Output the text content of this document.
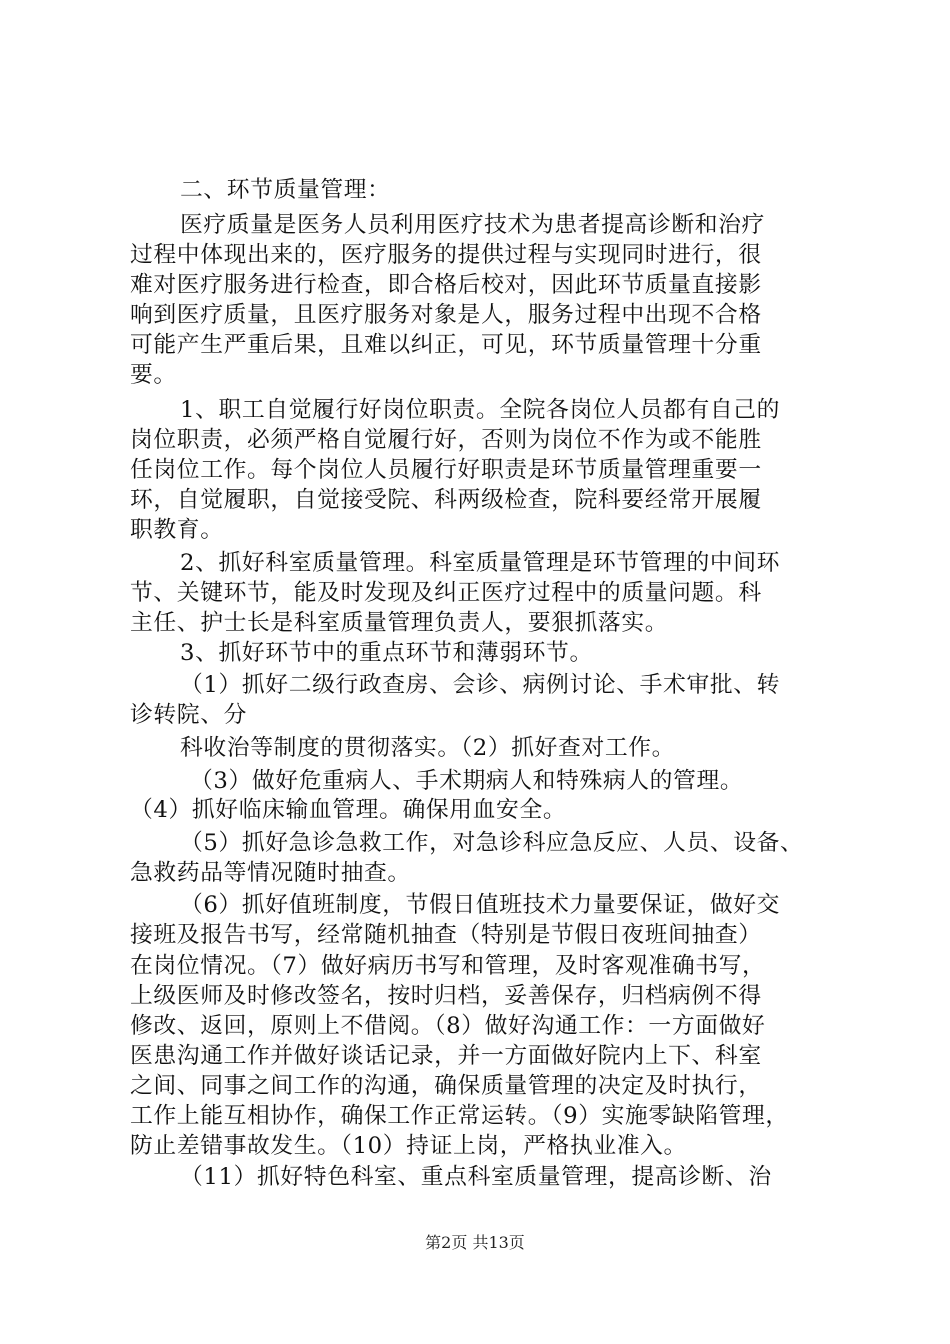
二、环节质量管理：
医疗质量是医务人员利用医疗技术为患者提高诊断和治疗
过程中体现出来的，医疗服务的提供过程与实现同时进行，很
难对医疗服务进行检查，即合格后校对，因此环节质量直接影
响到医疗质量，且医疗服务对象是人，服务过程中出现不合格
可能产生严重后果，且难以纠正，可见，环节质量管理十分重
要。
1、职工自觉履行好岗位职责。全院各岗位人员都有自己的
岗位职责，必须严格自觉履行好，否则为岗位不作为或不能胜
任岗位工作。每个岗位人员履行好职责是环节质量管理重要一
环，自觉履职，自觉接受院、科两级检查，院科要经常开展履
职教育。
2、抓好科室质量管理。科室质量管理是环节管理的中间环
节、关键环节，能及时发现及纠正医疗过程中的质量问题。科
主任、护士长是科室质量管理负责人，要狠抓落实。
3、抓好环节中的重点环节和薄弱环节。
（1）抓好二级行政查房、会诊、病例讨论、手术审批、转
诊转院、分
科收治等制度的贯彻落实。（2）抓好查对工作。
（3）做好危重病人、手术期病人和特殊病人的管理。
（4）抓好临床输血管理。确保用血安全。
（5）抓好急诊急救工作，对急诊科应急反应、人员、设备、
急救药品等情况随时抽查。
（6）抓好值班制度，节假日值班技术力量要保证，做好交
接班及报告书写，经常随机抽查（特别是节假日夜班间抽查）
在岗位情况。（7）做好病历书写和管理，及时客观准确书写，
上级医师及时修改签名，按时归档，妥善保存，归档病例不得
修改、返回，原则上不借阅。（8）做好沟通工作：一方面做好
医患沟通工作并做好谈话记录，并一方面做好院内上下、科室
之间、同事之间工作的沟通，确保质量管理的决定及时执行，
工作上能互相协作，确保工作正常运转。（9）实施零缺陷管理，
防止差错事故发生。（10）持证上岗，严格执业准入。
（11）抓好特色科室、重点科室质量管理，提高诊断、治
第2页 共13页
